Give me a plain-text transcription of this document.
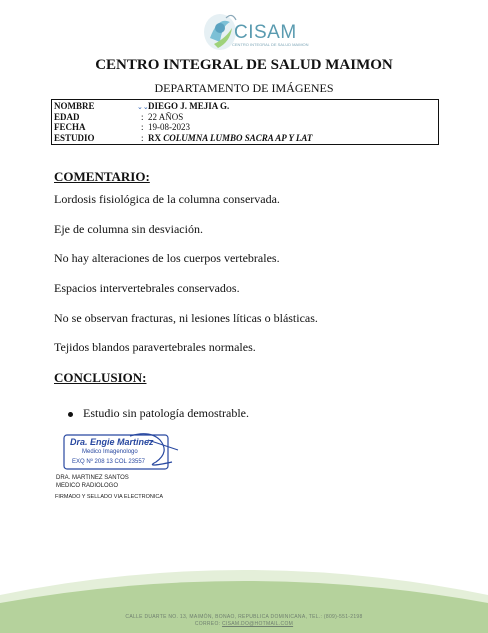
CISAM
CENTRO INTEGRAL DE SALUD MAIMON
CENTRO INTEGRAL DE SALUD MAIMON
DEPARTAMENTO DE IMÁGENES
⌄⌄
NOMBRE	DIEGO J. MEJIA G.
EDAD	: 22 AÑOS
FECHA	: 19-08-2023
ESTUDIO	: RX COLUMNA LUMBO SACRA AP Y LAT
COMENTARIO:
Lordosis fisiológica de la columna conservada.
Eje de columna sin desviación.
No hay alteraciones de los cuerpos vertebrales.
Espacios intervertebrales conservados.
No se observan fracturas, ni lesiones líticas o blásticas.
Tejidos blandos paravertebrales normales.
CONCLUSION:
Estudio sin patología demostrable.
Dra. Engie Martinez
Medico Imagenologo
EXQ Nº 208 13 COL 23557
DRA. MARTINEZ SANTOS
MEDICO RADIOLOGO
FIRMADO Y SELLADO VIA ELECTRONICA
CALLE DUARTE NO. 13, MAIMÓN, BONAO, REPUBLICA DOMINICANA, TEL.: (809)-551-2198
CORREO: CISAM.DO@HOTMAIL.COM
